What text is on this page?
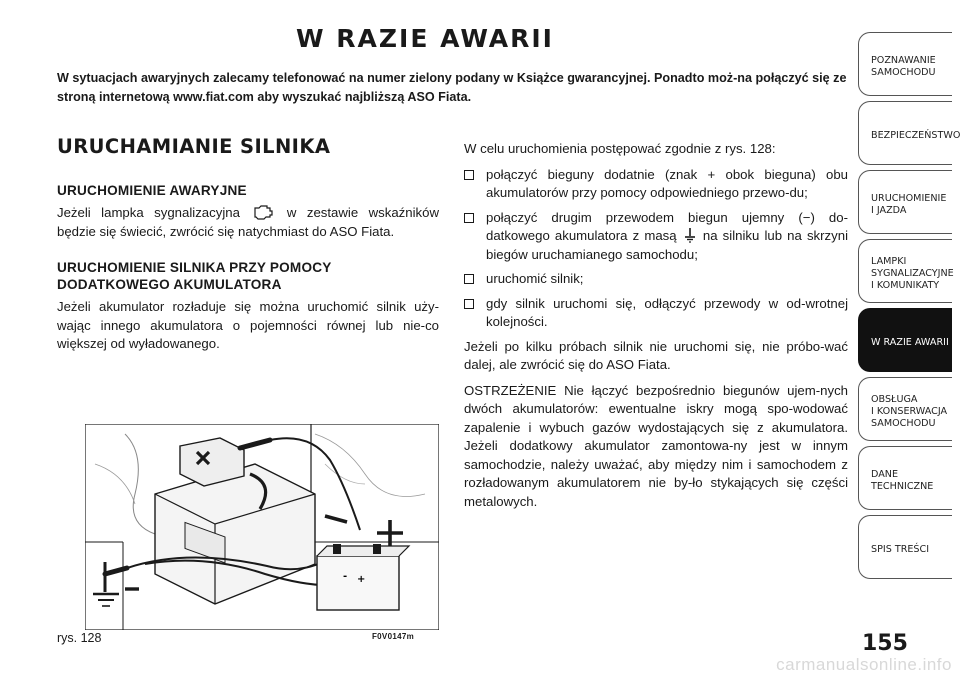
W RAZIE AWARII
W sytuacjach awaryjnych zalecamy telefonować na numer zielony podany w Książce gwarancyjnej. Ponadto moż-na połączyć się ze stroną internetową www.fiat.com aby wyszukać najbliższą ASO Fiata.
URUCHAMIANIE SILNIKA
URUCHOMIENIE AWARYJNE

Jeżeli lampka sygnalizacyjna	w zestawie wskaźników będzie się świecić, zwrócić się natychmiast do ASO Fiata.

URUCHOMIENIE SILNIKA PRZY POMOCY DODATKOWEGO AKUMULATORA

Jeżeli akumulator rozładuje się można uruchomić silnik uży-wając innego akumulatora o pojemności równej lub nie-co większej od wyładowanego.

W celu uruchomienia postępować zgodnie z rys. 128:

połączyć bieguny dodatnie (znak + obok bieguna) obu akumulatorów przy pomocy odpowiedniego przewo-du;
połączyć drugim przewodem biegun ujemny (−) do-datkowego akumulatora z masą na silniku lub na skrzyni biegów uruchamianego samochodu;
uruchomić silnik;
gdy silnik uruchomi się, odłączyć przewody w od-wrotnej kolejności.

Jeżeli po kilku próbach silnik nie uruchomi się, nie próbo-wać dalej, ale zwrócić się do ASO Fiata.

OSTRZEŻENIE Nie łączyć bezpośrednio biegunów ujem-nych dwóch akumulatorów: ewentualne iskry mogą spo-wodować zapalenie i wybuch gazów wydostających się z akumulatora. Jeżeli dodatkowy akumulator zamontowa-ny jest w innym samochodzie, należy uważać, aby między nim i samochodem z rozładowanym akumulatorem nie by-ło stykających się części metalowych.

- +
rys. 128	F0V0147m	155
POZNAWANIE
SAMOCHODU
BEZPIECZEŃSTWO
URUCHOMIENIE
I JAZDA
LAMPKI
SYGNALIZACYJNE
I KOMUNIKATY
W RAZIE AWARII
OBSŁUGA
I KONSERWACJA
SAMOCHODU
DANE
TECHNICZNE
SPIS TREŚCI
carmanualsonline.info
